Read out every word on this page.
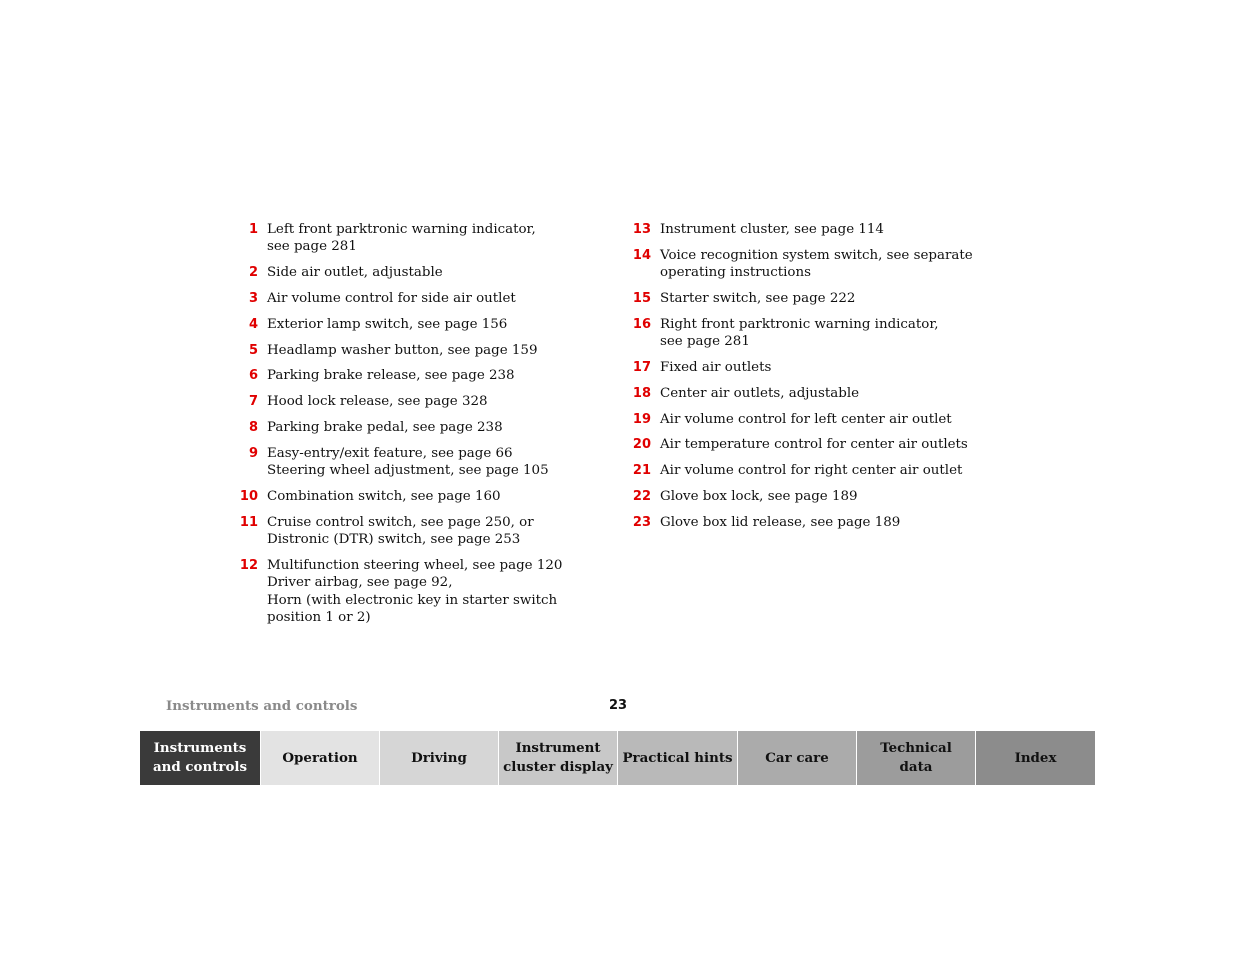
1 Left front parktronic warning indicator,
see page 281
2 Side air outlet, adjustable
3 Air volume control for side air outlet
4 Exterior lamp switch, see page 156
5 Headlamp washer button, see page 159
6 Parking brake release, see page 238
7 Hood lock release, see page 328
8 Parking brake pedal, see page 238
9 Easy-entry/exit feature, see page 66
Steering wheel adjustment, see page 105
10 Combination switch, see page 160
11 Cruise control switch, see page 250, or
Distronic (DTR) switch, see page 253
12 Multifunction steering wheel, see page 120
Driver airbag, see page 92,
Horn (with electronic key in starter switch
position 1 or 2)
13 Instrument cluster, see page 114
14 Voice recognition system switch, see separate
operating instructions
15 Starter switch, see page 222
16 Right front parktronic warning indicator,
see page 281
17 Fixed air outlets
18 Center air outlets, adjustable
19 Air volume control for left center air outlet
20 Air temperature control for center air outlets
21 Air volume control for right center air outlet
22 Glove box lock, see page 189
23 Glove box lid release, see page 189
Instruments and controls	23
Instruments
and controls
Operation	Driving
Instrument
cluster display
Practical hints	Car care
Technical
data
Index
